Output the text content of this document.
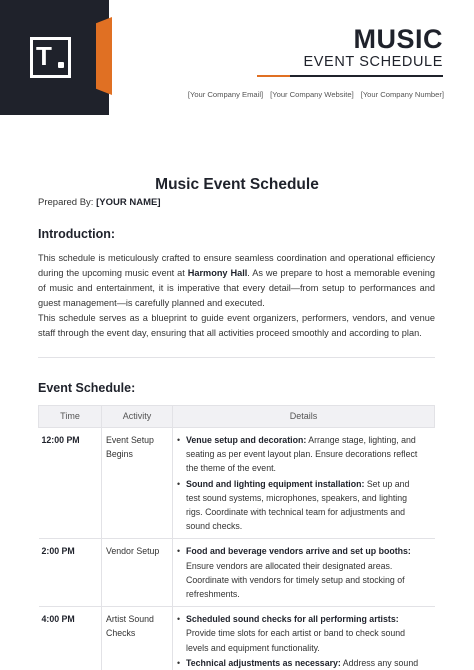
T
MUSIC
EVENT SCHEDULE
[Your Company Email] [Your Company Website] [Your Company Number]
Music Event Schedule
Prepared By: [YOUR NAME]
Introduction:
This schedule is meticulously crafted to ensure seamless coordination and operational efficiency during the upcoming music event at Harmony Hall. As we prepare to host a memorable evening of music and entertainment, it is imperative that every detail—from setup to performances and guest management—is carefully planned and executed.
This schedule serves as a blueprint to guide event organizers, performers, vendors, and venue staff through the event day, ensuring that all activities proceed smoothly and according to plan.
Event Schedule:
Time	Activity	Details
12:00 PM	Event Setup Begins	• Venue setup and decoration: Arrange stage, lighting, and seating as per event layout plan. Ensure decorations reflect the theme of the event.
• Sound and lighting equipment installation: Set up and test sound systems, microphones, speakers, and lighting rigs. Coordinate with technical team for adjustments and sound checks.

2:00 PM	Vendor Setup	• Food and beverage vendors arrive and set up booths: Ensure vendors are allocated their designated areas. Coordinate with vendors for timely setup and stocking of refreshments.

4:00 PM	Artist Sound Checks	• Scheduled sound checks for all performing artists: Provide time slots for each artist or band to check sound levels and equipment functionality.
• Technical adjustments as necessary: Address any sound
